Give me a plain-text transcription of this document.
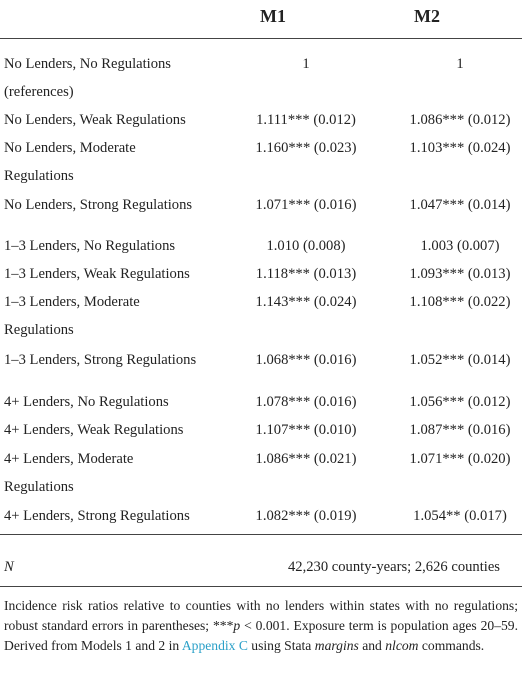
M1	M2
No Lenders, No Regulations
(references)
1	1
No Lenders, Weak Regulations	1.111*** (0.012)	1.086*** (0.012)
No Lenders, Moderate
Regulations
1.160*** (0.023)	1.103*** (0.024)
No Lenders, Strong Regulations	1.071*** (0.016)	1.047*** (0.014)
1–3 Lenders, No Regulations	1.010 (0.008)	1.003 (0.007)
1–3 Lenders, Weak Regulations	1.118*** (0.013)	1.093*** (0.013)
1–3 Lenders, Moderate
Regulations
1.143*** (0.024)	1.108*** (0.022)
1–3 Lenders, Strong Regulations	1.068*** (0.016)	1.052*** (0.014)
4+ Lenders, No Regulations	1.078*** (0.016)	1.056*** (0.012)
4+ Lenders, Weak Regulations	1.107*** (0.010)	1.087*** (0.016)
4+ Lenders, Moderate
Regulations
1.086*** (0.021)	1.071*** (0.020)
4+ Lenders, Strong Regulations	1.082*** (0.019)	1.054** (0.017)
N	42,230 county-years; 2,626 counties
Incidence risk ratios relative to counties with no lenders within states with no regulations; robust standard errors in parentheses; ***p < 0.001. Exposure term is population ages 20–59. Derived from Models 1 and 2 in Appendix C using Stata margins and nlcom commands.
